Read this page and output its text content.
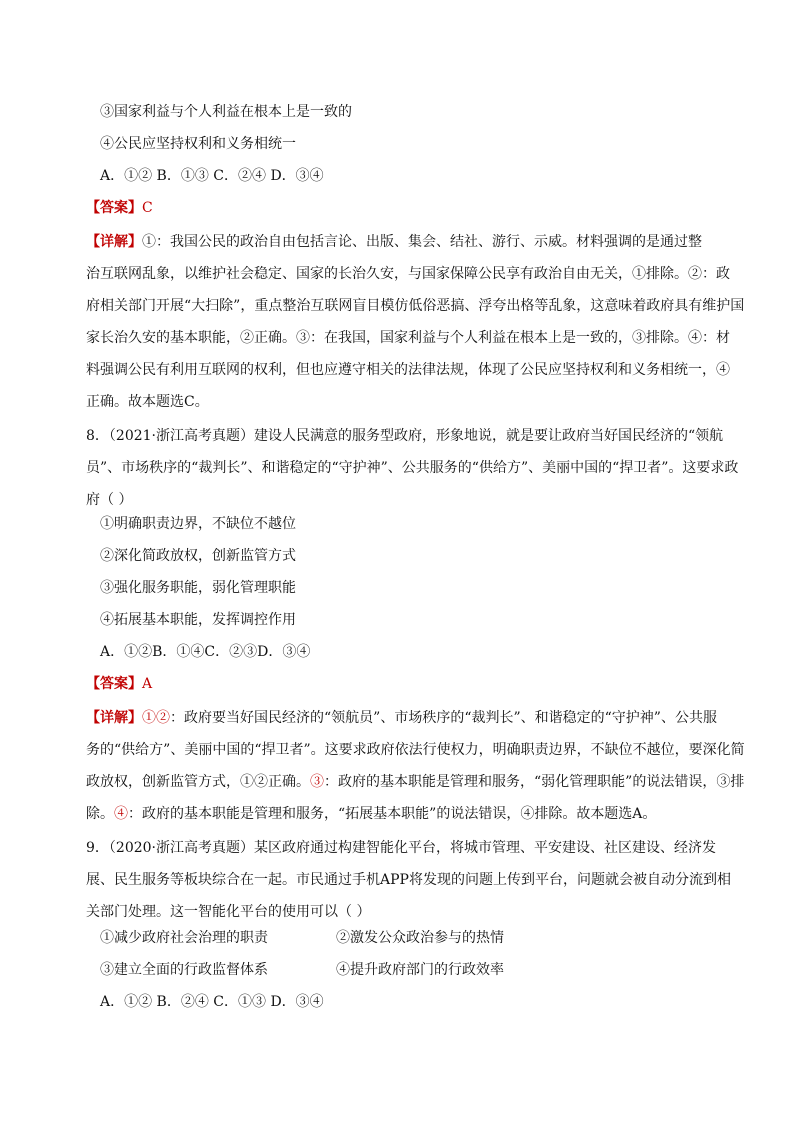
③国家利益与个人利益在根本上是一致的
④公民应坚持权利和义务相统一
A．①② B．①③ C．②④ D．③④
【答案】C
【详解】①：我国公民的政治自由包括言论、出版、集会、结社、游行、示威。材料强调的是通过整
治互联网乱象，以维护社会稳定、国家的长治久安，与国家保障公民享有政治自由无关，①排除。②：政
府相关部门开展“大扫除”，重点整治互联网盲目模仿低俗恶搞、浮夸出格等乱象，这意味着政府具有维护国
家长治久安的基本职能，②正确。③：在我国，国家利益与个人利益在根本上是一致的，③排除。④：材
料强调公民有利用互联网的权利，但也应遵守相关的法律法规，体现了公民应坚持权利和义务相统一，④
正确。故本题选C。
8．（2021·浙江高考真题）建设人民满意的服务型政府，形象地说，就是要让政府当好国民经济的“领航
员”、市场秩序的“裁判长”、和谐稳定的“守护神”、公共服务的“供给方”、美丽中国的“捍卫者”。这要求政
府（ ）
①明确职责边界，不缺位不越位
②深化简政放权，创新监管方式
③强化服务职能，弱化管理职能
④拓展基本职能，发挥调控作用
A．①②B．①④C．②③D．③④
【答案】A
【详解】①②：政府要当好国民经济的“领航员”、市场秩序的“裁判长”、和谐稳定的“守护神”、公共服
务的“供给方”、美丽中国的“捍卫者”。这要求政府依法行使权力，明确职责边界，不缺位不越位，要深化简
政放权，创新监管方式，①②正确。③：政府的基本职能是管理和服务，“弱化管理职能”的说法错误，③排
除。④：政府的基本职能是管理和服务，“拓展基本职能”的说法错误，④排除。故本题选A。
9．（2020·浙江高考真题）某区政府通过构建智能化平台，将城市管理、平安建设、社区建设、经济发
展、民生服务等板块综合在一起。市民通过手机APP将发现的问题上传到平台，问题就会被自动分流到相
关部门处理。这一智能化平台的使用可以（ ）
①减少政府社会治理的职责	②激发公众政治参与的热情
③建立全面的行政监督体系	④提升政府部门的行政效率
A．①② B．②④ C．①③ D．③④
